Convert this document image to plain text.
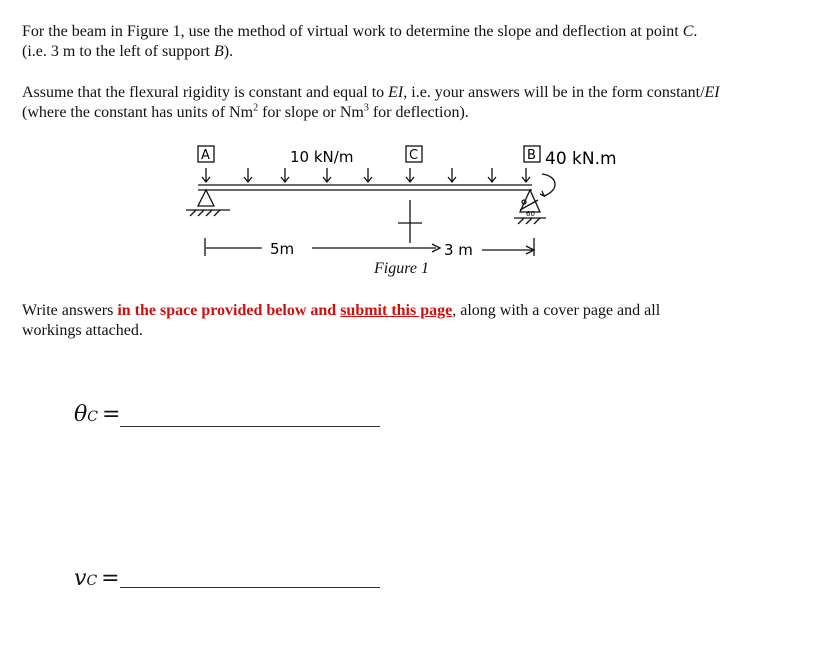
For the beam in Figure 1, use the method of virtual work to determine the slope and deflection at point C.
(i.e. 3 m to the left of support B).

Assume that the flexural rigidity is constant and equal to EI, i.e. your answers will be in the form constant/EI
(where the constant has units of Nm$^2$ for slope or Nm$^3$ for deflection).

A	C	B
10 kN/m	40 kN.m
5m	3 m
60
Figure 1

Write answers in the space provided below and submit this page, along with a cover page and all
workings attached.

θC =
vC =
